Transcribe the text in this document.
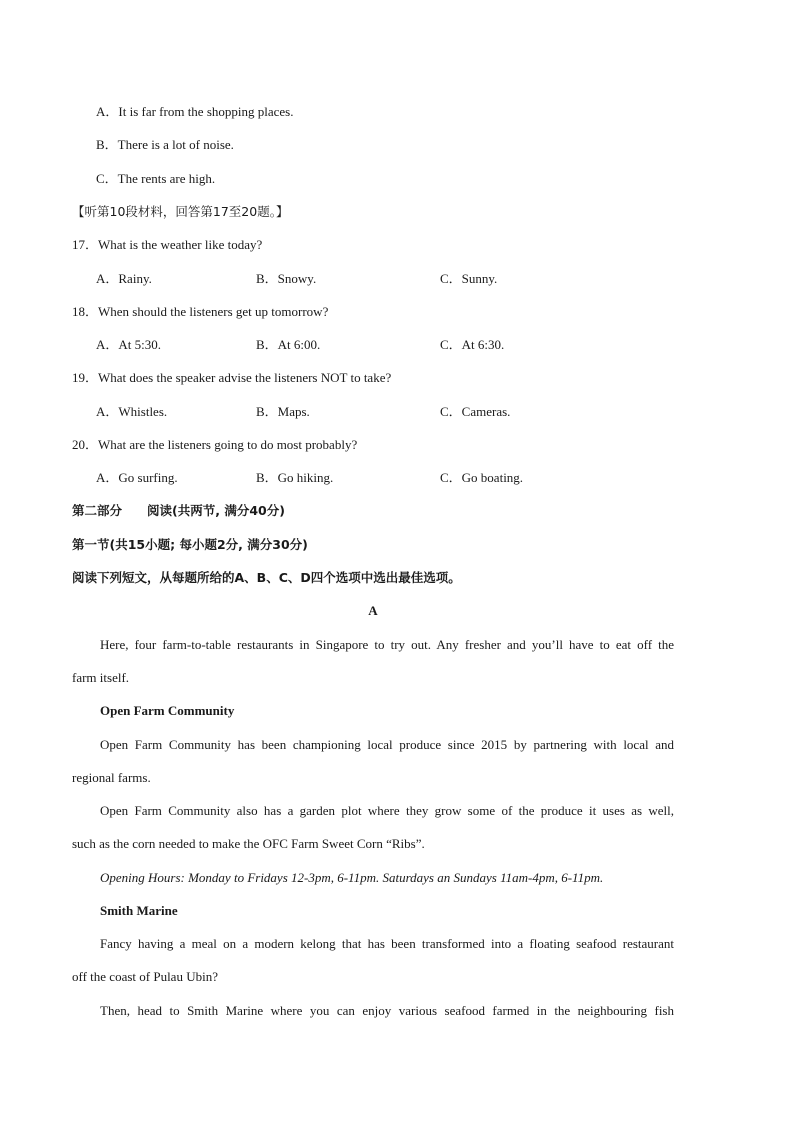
A．It is far from the shopping places.
B．There is a lot of noise.
C．The rents are high.
【听第10段材料，回答第17至20题。】
17．What is the weather like today?
A．Rainy.	B．Snowy.	C．Sunny.
18．When should the listeners get up tomorrow?
A．At 5:30.	B．At 6:00.	C．At 6:30.
19．What does the speaker advise the listeners NOT to take?
A．Whistles.	B．Maps.	C．Cameras.
20．What are the listeners going to do most probably?
A．Go surfing.	B．Go hiking.	C．Go boating.
第二部分　　阅读(共两节, 满分40分)
第一节(共15小题; 每小题2分, 满分30分)
阅读下列短文，从每题所给的A、B、C、D四个选项中选出最佳选项。
A
Here, four farm-to-table restaurants in Singapore to try out. Any fresher and you’ll have to eat off the
farm itself.
Open Farm Community
Open Farm Community has been championing local produce since 2015 by partnering with local and
regional farms.
Open Farm Community also has a garden plot where they grow some of the produce it uses as well,
such as the corn needed to make the OFC Farm Sweet Corn “Ribs”.
Opening Hours: Monday to Fridays 12-3pm, 6-11pm. Saturdays an Sundays 11am-4pm, 6-11pm.
Smith Marine
Fancy having a meal on a modern kelong that has been transformed into a floating seafood restaurant
off the coast of Pulau Ubin?
Then, head to Smith Marine where you can enjoy various seafood farmed in the neighbouring fish
